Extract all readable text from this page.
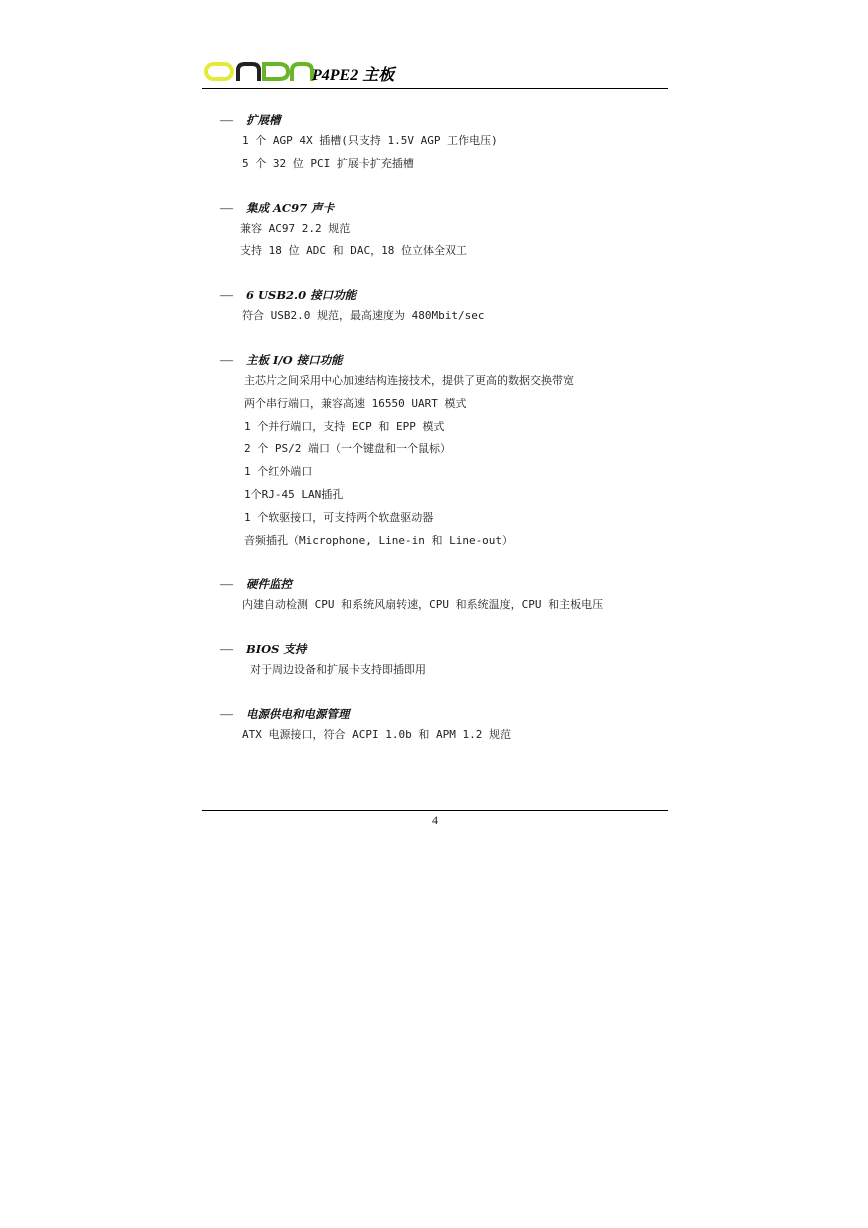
P4PE2 主板
— 扩展槽
1 个 AGP 4X 插槽(只支持 1.5V AGP 工作电压)
5 个 32 位 PCI 扩展卡扩充插槽
— 集成 AC97 声卡
兼容 AC97 2.2 规范
支持 18 位 ADC 和 DAC，18 位立体全双工
— 6 USB2.0 接口功能
符合 USB2.0 规范，最高速度为 480Mbit/sec
— 主板 I/O 接口功能
主芯片之间采用中心加速结构连接技术，提供了更高的数据交换带宽
两个串行端口，兼容高速 16550 UART 模式
1 个并行端口，支持 ECP 和 EPP 模式
2 个 PS/2 端口（一个键盘和一个鼠标）
1 个红外端口
1个RJ-45 LAN插孔
1 个软驱接口，可支持两个软盘驱动器
音频插孔（Microphone, Line-in 和 Line-out）
— 硬件监控
内建自动检测 CPU 和系统风扇转速，CPU 和系统温度，CPU 和主板电压
— BIOS 支持
对于周边设备和扩展卡支持即插即用
— 电源供电和电源管理
ATX 电源接口，符合 ACPI 1.0b 和 APM 1.2 规范
4
